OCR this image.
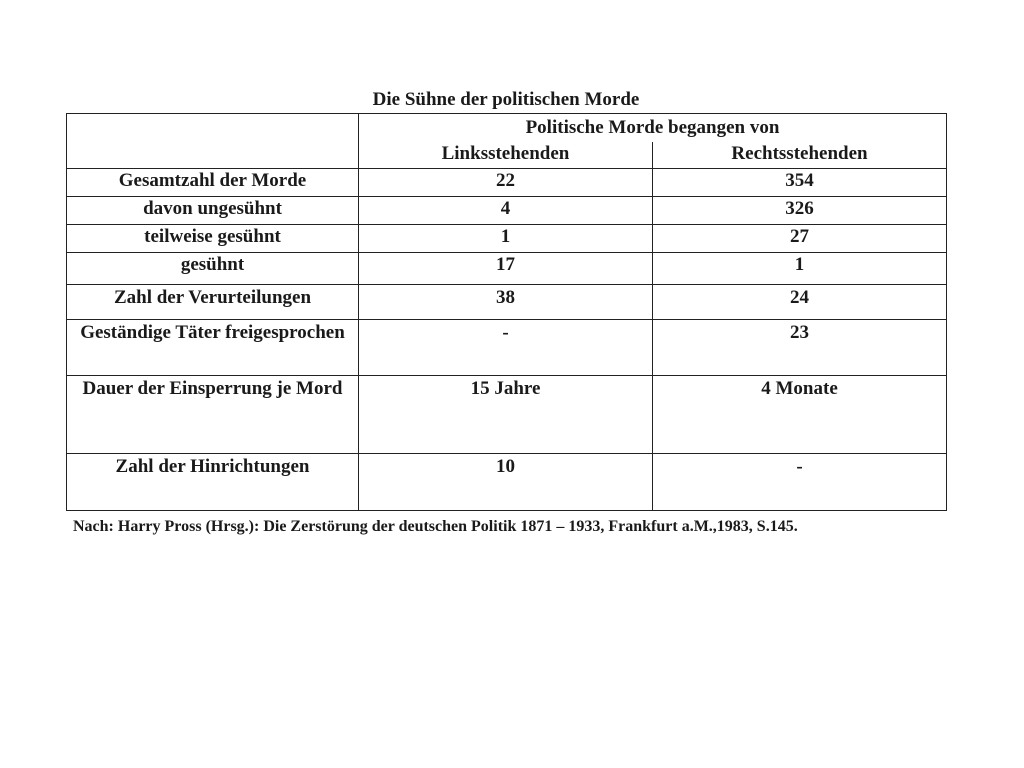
Die Sühne der politischen Morde
	Politische Morde begangen von	
	Linksstehenden	Rechtsstehenden
Gesamtzahl der Morde	22	354
davon ungesühnt	4	326
teilweise gesühnt	1	27
gesühnt	17	1
Zahl der Verurteilungen	38	24
Geständige Täter freigesprochen	-	23
Dauer der Einsperrung je Mord	15 Jahre	4 Monate
Zahl der Hinrichtungen	10	-
Nach: Harry Pross (Hrsg.): Die Zerstörung der deutschen Politik 1871 – 1933, Frankfurt a.M.,1983, S.145.
